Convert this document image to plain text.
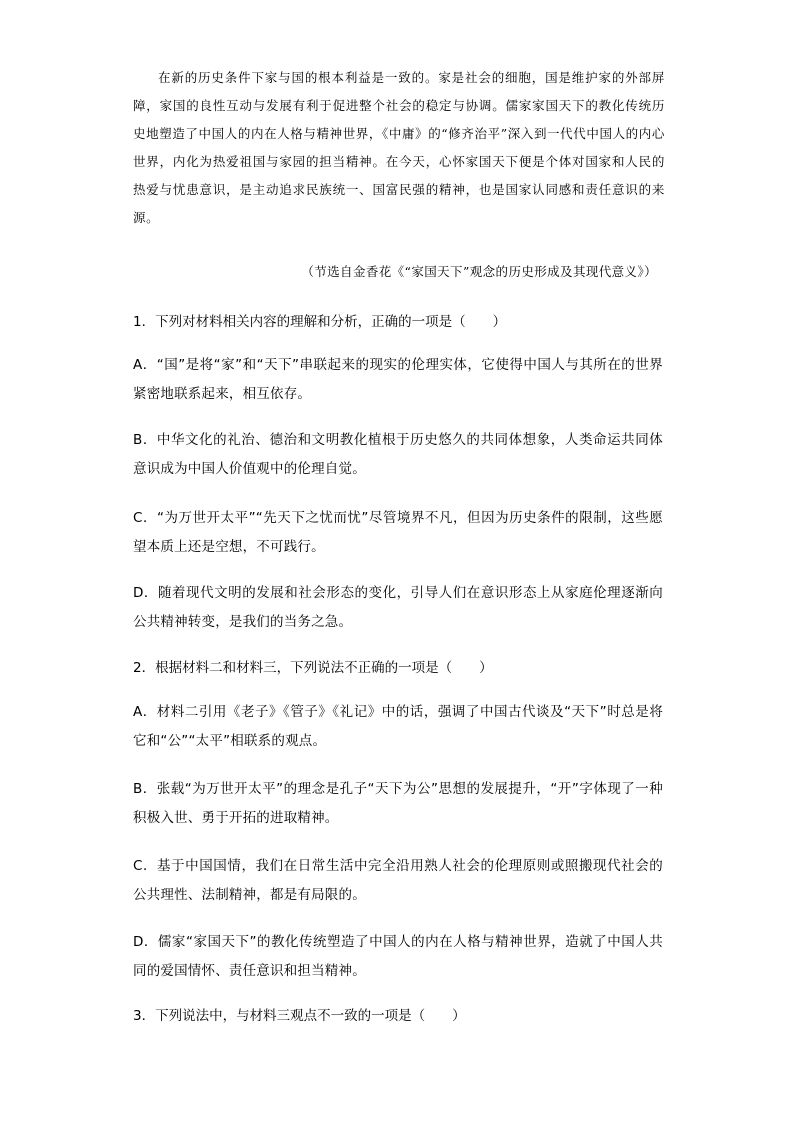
在新的历史条件下家与国的根本利益是一致的。家是社会的细胞，国是维护家的外部屏障，家国的良性互动与发展有利于促进整个社会的稳定与协调。儒家家国天下的教化传统历史地塑造了中国人的内在人格与精神世界，《中庸》的“修齐治平”深入到一代代中国人的内心世界，内化为热爱祖国与家园的担当精神。在今天，心怀家国天下便是个体对国家和人民的热爱与忧患意识，是主动追求民族统一、国富民强的精神，也是国家认同感和责任意识的来源。

（节选自金香花《“家国天下”观念的历史形成及其现代意义》）
1．下列对材料相关内容的理解和分析，正确的一项是（　　）
A．“国”是将“家”和“天下”串联起来的现实的伦理实体，它使得中国人与其所在的世界紧密地联系起来，相互依存。
B．中华文化的礼治、德治和文明教化植根于历史悠久的共同体想象，人类命运共同体意识成为中国人价值观中的伦理自觉。
C．“为万世开太平”“先天下之忧而忧”尽管境界不凡，但因为历史条件的限制，这些愿望本质上还是空想，不可践行。
D．随着现代文明的发展和社会形态的变化，引导人们在意识形态上从家庭伦理逐渐向公共精神转变，是我们的当务之急。
2．根据材料二和材料三，下列说法不正确的一项是（　　）
A．材料二引用《老子》《管子》《礼记》中的话，强调了中国古代谈及“天下”时总是将它和“公”“太平”相联系的观点。
B．张载“为万世开太平”的理念是孔子“天下为公”思想的发展提升，“开”字体现了一种积极入世、勇于开拓的进取精神。
C．基于中国国情，我们在日常生活中完全沿用熟人社会的伦理原则或照搬现代社会的公共理性、法制精神，都是有局限的。
D．儒家“家国天下”的教化传统塑造了中国人的内在人格与精神世界，造就了中国人共同的爱国情怀、责任意识和担当精神。
3．下列说法中，与材料三观点不一致的一项是（　　）
